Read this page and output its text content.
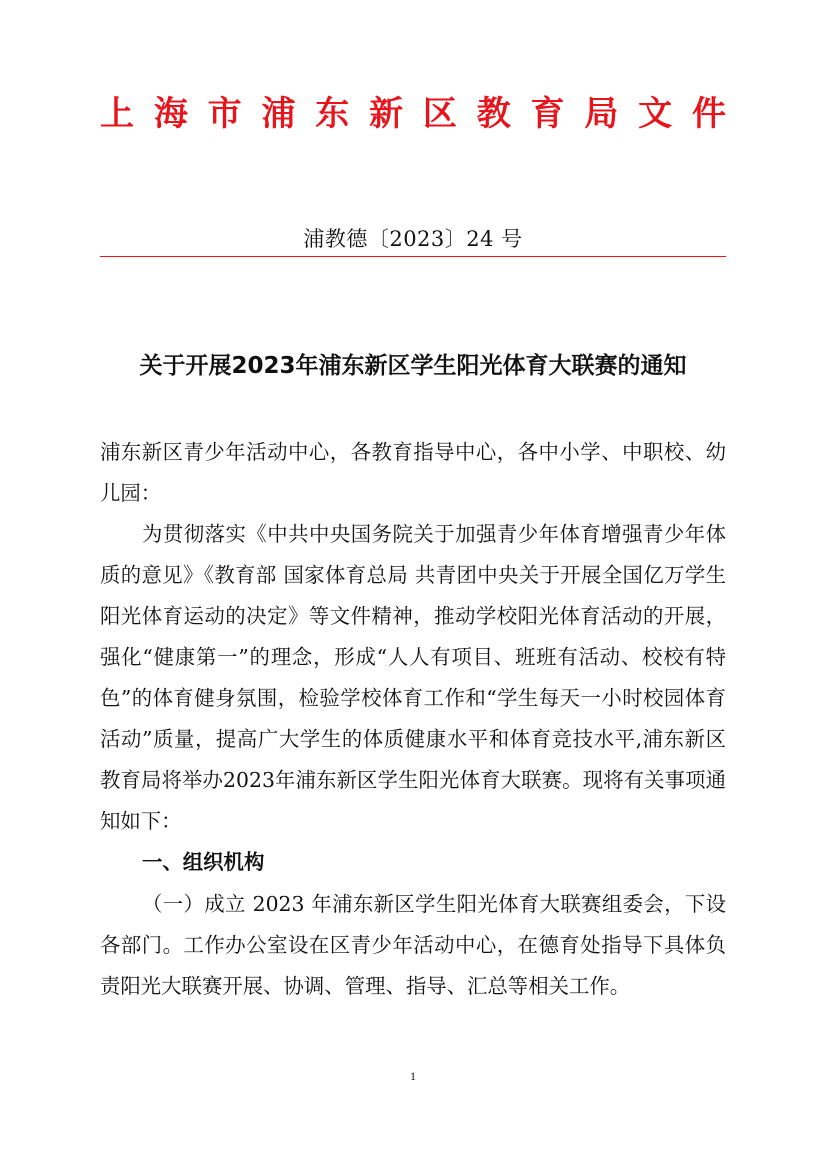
上 海 市 浦 东 新 区 教 育 局 文 件
浦教德〔2023〕24 号
关于开展2023年浦东新区学生阳光体育大联赛的通知
浦东新区青少年活动中心，各教育指导中心，各中小学、中职校、幼儿园：
为贯彻落实《中共中央国务院关于加强青少年体育增强青少年体质的意见》《教育部 国家体育总局 共青团中央关于开展全国亿万学生阳光体育运动的决定》等文件精神，推动学校阳光体育活动的开展，强化“健康第一”的理念，形成“人人有项目、班班有活动、校校有特色”的体育健身氛围，检验学校体育工作和“学生每天一小时校园体育活动”质量，提高广大学生的体质健康水平和体育竞技水平,浦东新区教育局将举办2023年浦东新区学生阳光体育大联赛。现将有关事项通知如下：
一、组织机构
（一）成立 2023 年浦东新区学生阳光体育大联赛组委会，下设各部门。工作办公室设在区青少年活动中心，在德育处指导下具体负责阳光大联赛开展、协调、管理、指导、汇总等相关工作。
1
